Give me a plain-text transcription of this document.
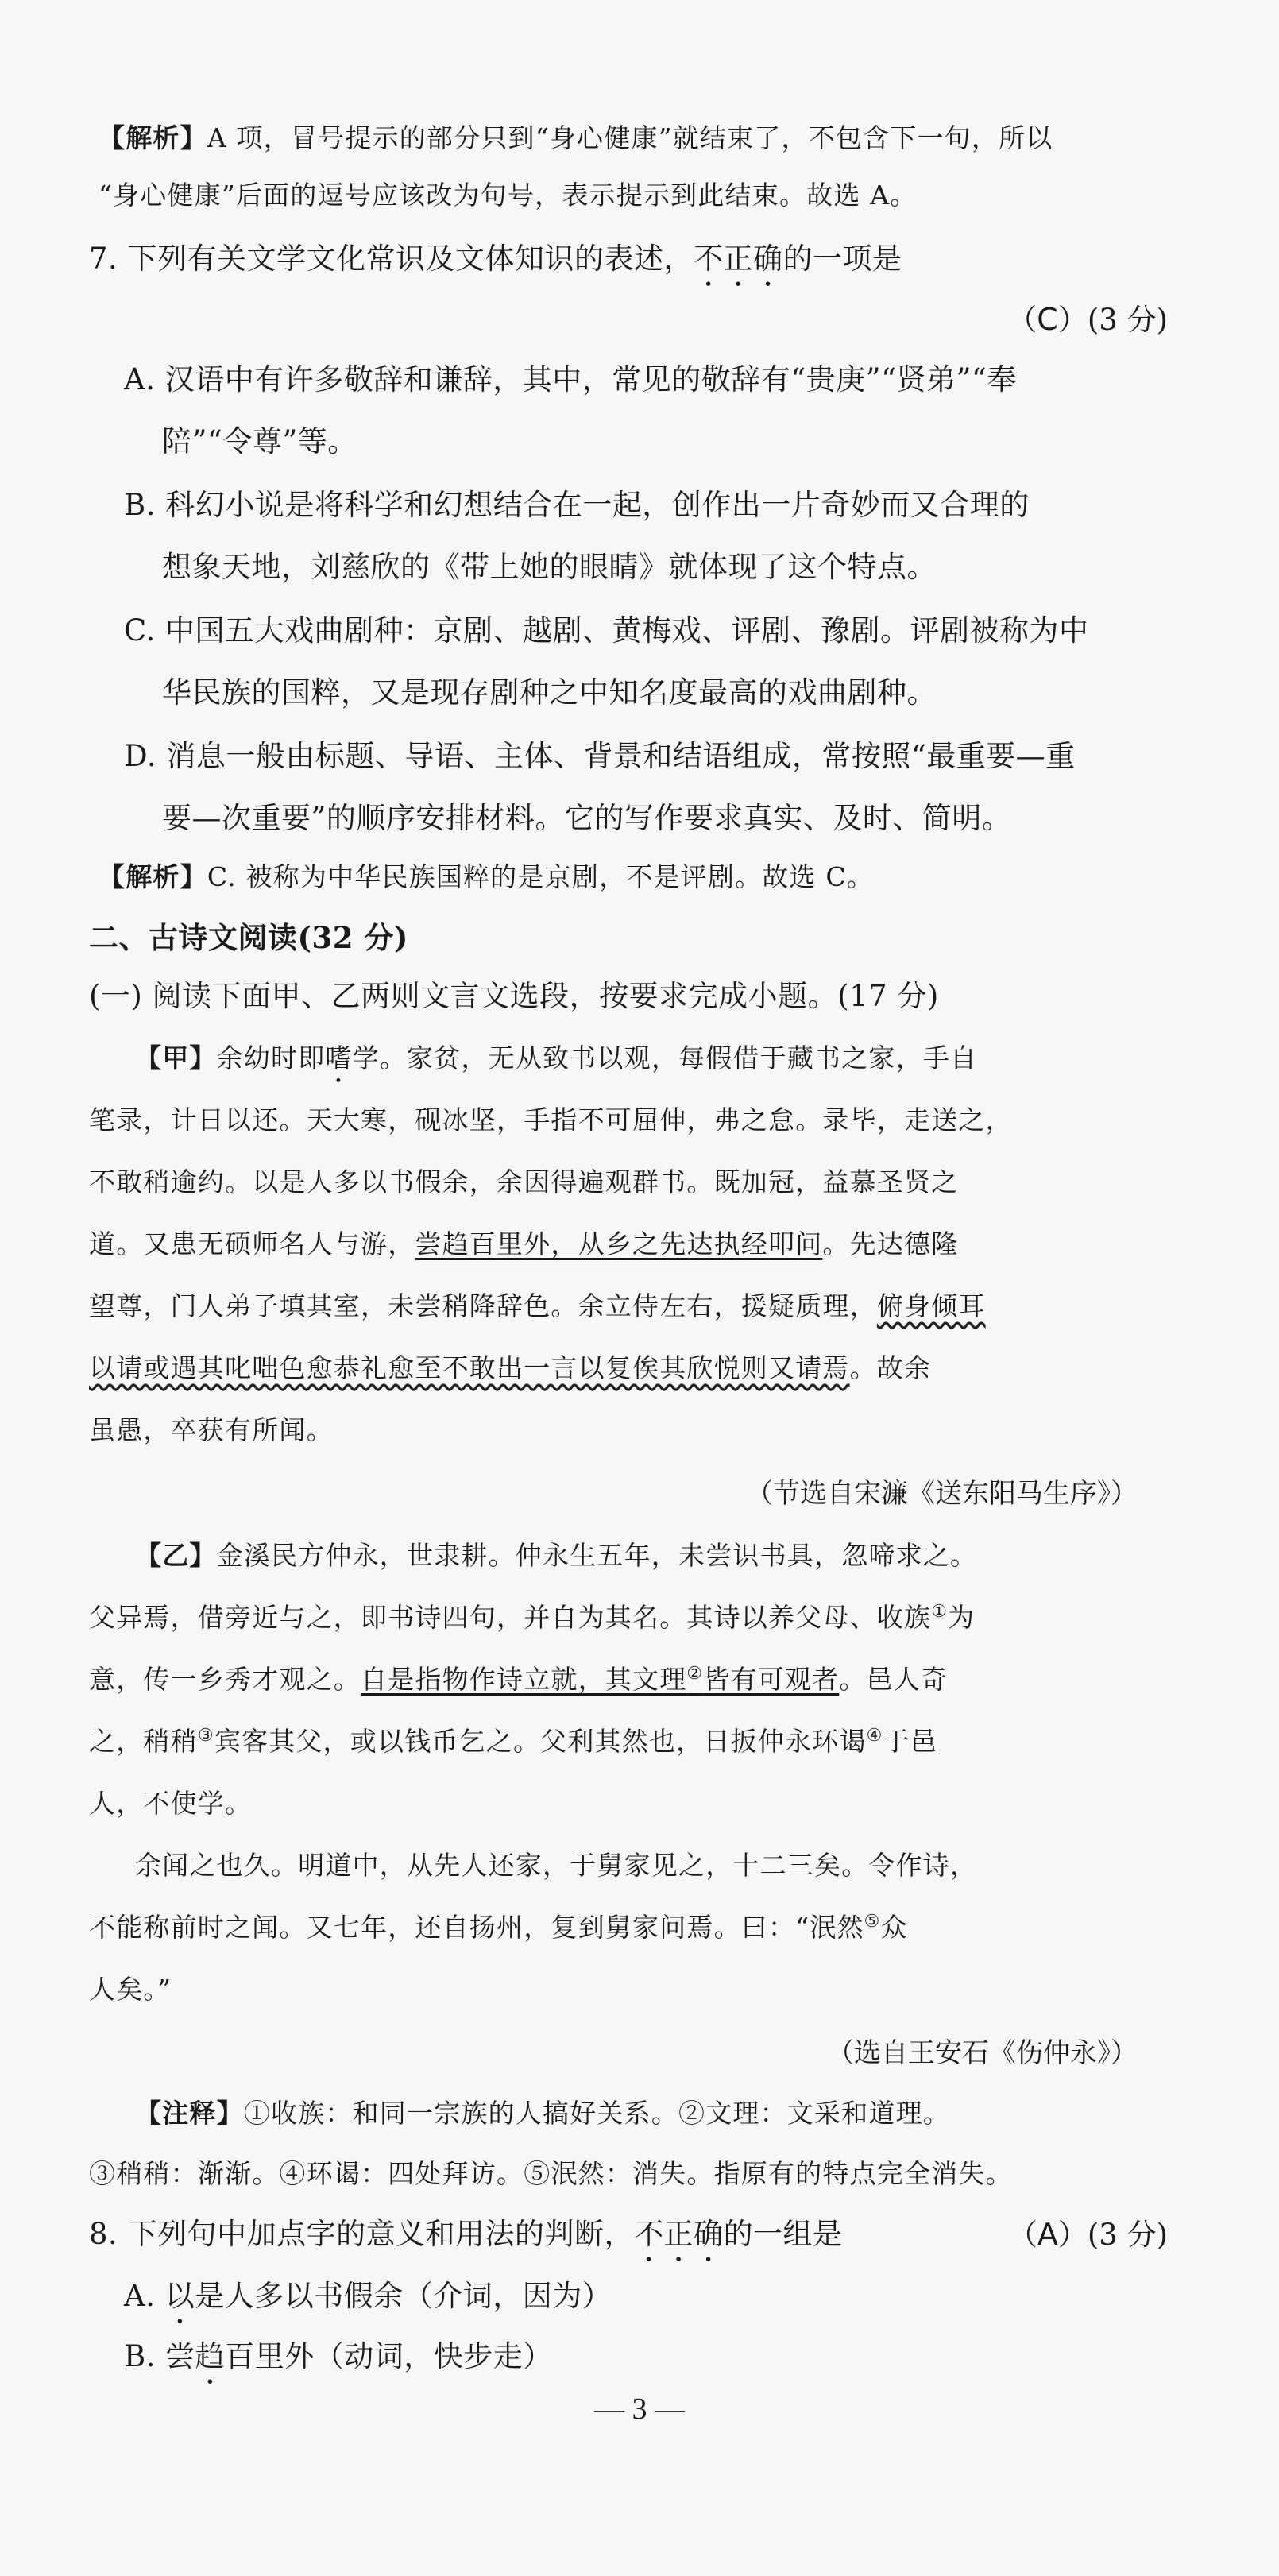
【解析】A 项，冒号提示的部分只到“身心健康”就结束了，不包含下一句，所以
“身心健康”后面的逗号应该改为句号，表示提示到此结束。故选 A。
7. 下列有关文学文化常识及文体知识的表述，不正确的一项是
（C）(3 分)
A. 汉语中有许多敬辞和谦辞，其中，常见的敬辞有“贵庚”“贤弟”“奉
陪”“令尊”等。
B. 科幻小说是将科学和幻想结合在一起，创作出一片奇妙而又合理的
想象天地，刘慈欣的《带上她的眼睛》就体现了这个特点。
C. 中国五大戏曲剧种：京剧、越剧、黄梅戏、评剧、豫剧。评剧被称为中
华民族的国粹，又是现存剧种之中知名度最高的戏曲剧种。
D. 消息一般由标题、导语、主体、背景和结语组成，常按照“最重要—重
要—次重要”的顺序安排材料。它的写作要求真实、及时、简明。
【解析】C. 被称为中华民族国粹的是京剧，不是评剧。故选 C。
二、古诗文阅读(32 分)
(一) 阅读下面甲、乙两则文言文选段，按要求完成小题。(17 分)
【甲】余幼时即嗜学。家贫，无从致书以观，每假借于藏书之家，手自
笔录，计日以还。天大寒，砚冰坚，手指不可屈伸，弗之怠。录毕，走送之，
不敢稍逾约。以是人多以书假余，余因得遍观群书。既加冠，益慕圣贤之
道。又患无硕师名人与游，尝趋百里外，从乡之先达执经叩问。先达德隆
望尊，门人弟子填其室，未尝稍降辞色。余立侍左右，援疑质理，俯身倾耳
以请或遇其叱咄色愈恭礼愈至不敢出一言以复俟其欣悦则又请焉。故余
虽愚，卒获有所闻。
（节选自宋濂《送东阳马生序》）
【乙】金溪民方仲永，世隶耕。仲永生五年，未尝识书具，忽啼求之。
父异焉，借旁近与之，即书诗四句，并自为其名。其诗以养父母、收族①为
意，传一乡秀才观之。自是指物作诗立就，其文理②皆有可观者。邑人奇
之，稍稍③宾客其父，或以钱币乞之。父利其然也，日扳仲永环谒④于邑
人，不使学。
余闻之也久。明道中，从先人还家，于舅家见之，十二三矣。令作诗，
不能称前时之闻。又七年，还自扬州，复到舅家问焉。曰：“泯然⑤众
人矣。”
（选自王安石《伤仲永》）
【注释】①收族：和同一宗族的人搞好关系。②文理：文采和道理。
③稍稍：渐渐。④环谒：四处拜访。⑤泯然：消失。指原有的特点完全消失。
8. 下列句中加点字的意义和用法的判断，不正确的一组是	（A）(3 分)
A. 以是人多以书假余（介词，因为）
B. 尝趋百里外（动词，快步走）
— 3 —
